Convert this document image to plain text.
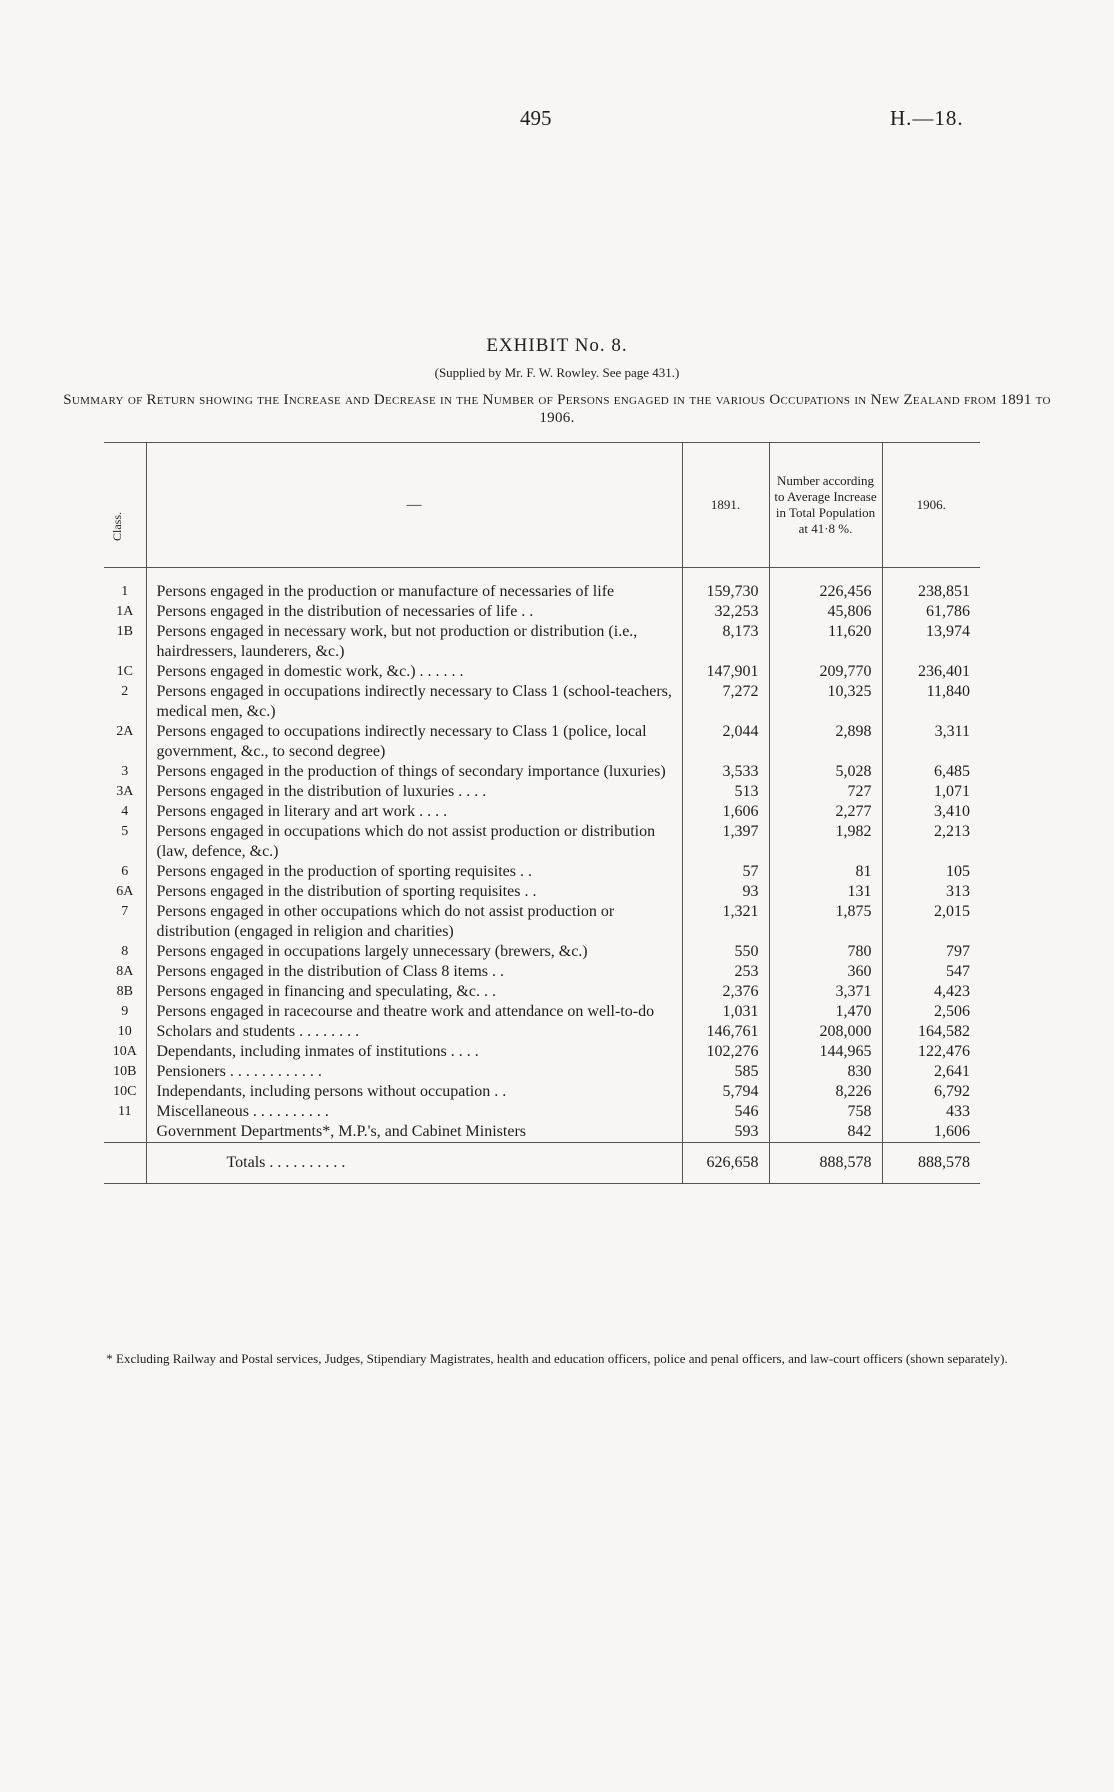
495	H.—18.
EXHIBIT No. 8.
(Supplied by Mr. F. W. Rowley. See page 431.)
Summary of Return showing the Increase and Decrease in the Number of Persons engaged in the various Occupations in New Zealand from 1891 to 1906.
Class.	—	1891.	Number according to Average Increase in Total Population at 41·8 %.	1906.
1	Persons engaged in the production or manufacture of necessaries of life	159,730	226,456	238,851
1A	Persons engaged in the distribution of necessaries of life . .	32,253	45,806	61,786
1B	Persons engaged in necessary work, but not production or distribution (i.e., hairdressers, launderers, &c.)	8,173	11,620	13,974
1C	Persons engaged in domestic work, &c.) . . . . . .	147,901	209,770	236,401
2	Persons engaged in occupations indirectly necessary to Class 1 (school-teachers, medical men, &c.)	7,272	10,325	11,840
2A	Persons engaged to occupations indirectly necessary to Class 1 (police, local government, &c., to second degree)	2,044	2,898	3,311
3	Persons engaged in the production of things of secondary importance (luxuries)	3,533	5,028	6,485
3A	Persons engaged in the distribution of luxuries . . . .	513	727	1,071
4	Persons engaged in literary and art work . . . .	1,606	2,277	3,410
5	Persons engaged in occupations which do not assist production or distribution (law, defence, &c.)	1,397	1,982	2,213
6	Persons engaged in the production of sporting requisites . .	57	81	105
6A	Persons engaged in the distribution of sporting requisites . .	93	131	313
7	Persons engaged in other occupations which do not assist production or distribution (engaged in religion and charities)	1,321	1,875	2,015
8	Persons engaged in occupations largely unnecessary (brewers, &c.)	550	780	797
8A	Persons engaged in the distribution of Class 8 items . .	253	360	547
8B	Persons engaged in financing and speculating, &c. . .	2,376	3,371	4,423
9	Persons engaged in racecourse and theatre work and attendance on well-to-do	1,031	1,470	2,506
10	Scholars and students . . . . . . . .	146,761	208,000	164,582
10A	Dependants, including inmates of institutions . . . .	102,276	144,965	122,476
10B	Pensioners . . . . . . . . . . . .	585	830	2,641
10C	Independants, including persons without occupation . .	5,794	8,226	6,792
11	Miscellaneous . . . . . . . . . .	546	758	433
	Government Departments*, M.P.'s, and Cabinet Ministers	593	842	1,606
	Totals . . . . . . . . . .	626,658	888,578	888,578
* Excluding Railway and Postal services, Judges, Stipendiary Magistrates, health and education officers, police and penal officers, and law-court officers (shown separately).
